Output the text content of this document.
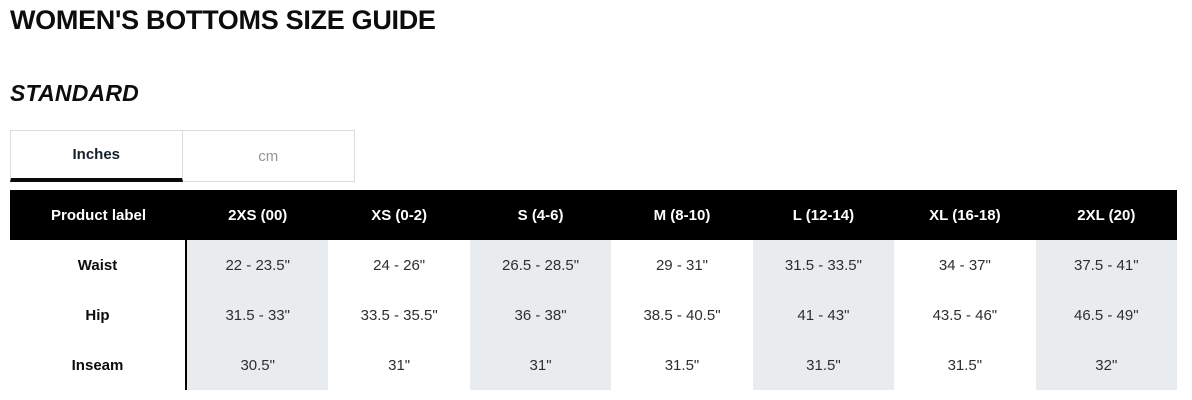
WOMEN'S BOTTOMS SIZE GUIDE
STANDARD
Inches	cm
Product label	2XS (00)	XS (0-2)	S (4-6)	M (8-10)	L (12-14)	XL (16-18)	2XL (20)
Waist	22 - 23.5"	24 - 26"	26.5 - 28.5"	29 - 31"	31.5 - 33.5"	34 - 37"	37.5 - 41"
Hip	31.5 - 33"	33.5 - 35.5"	36 - 38"	38.5 - 40.5"	41 - 43"	43.5 - 46"	46.5 - 49"
Inseam	30.5"	31"	31"	31.5"	31.5"	31.5"	32"
